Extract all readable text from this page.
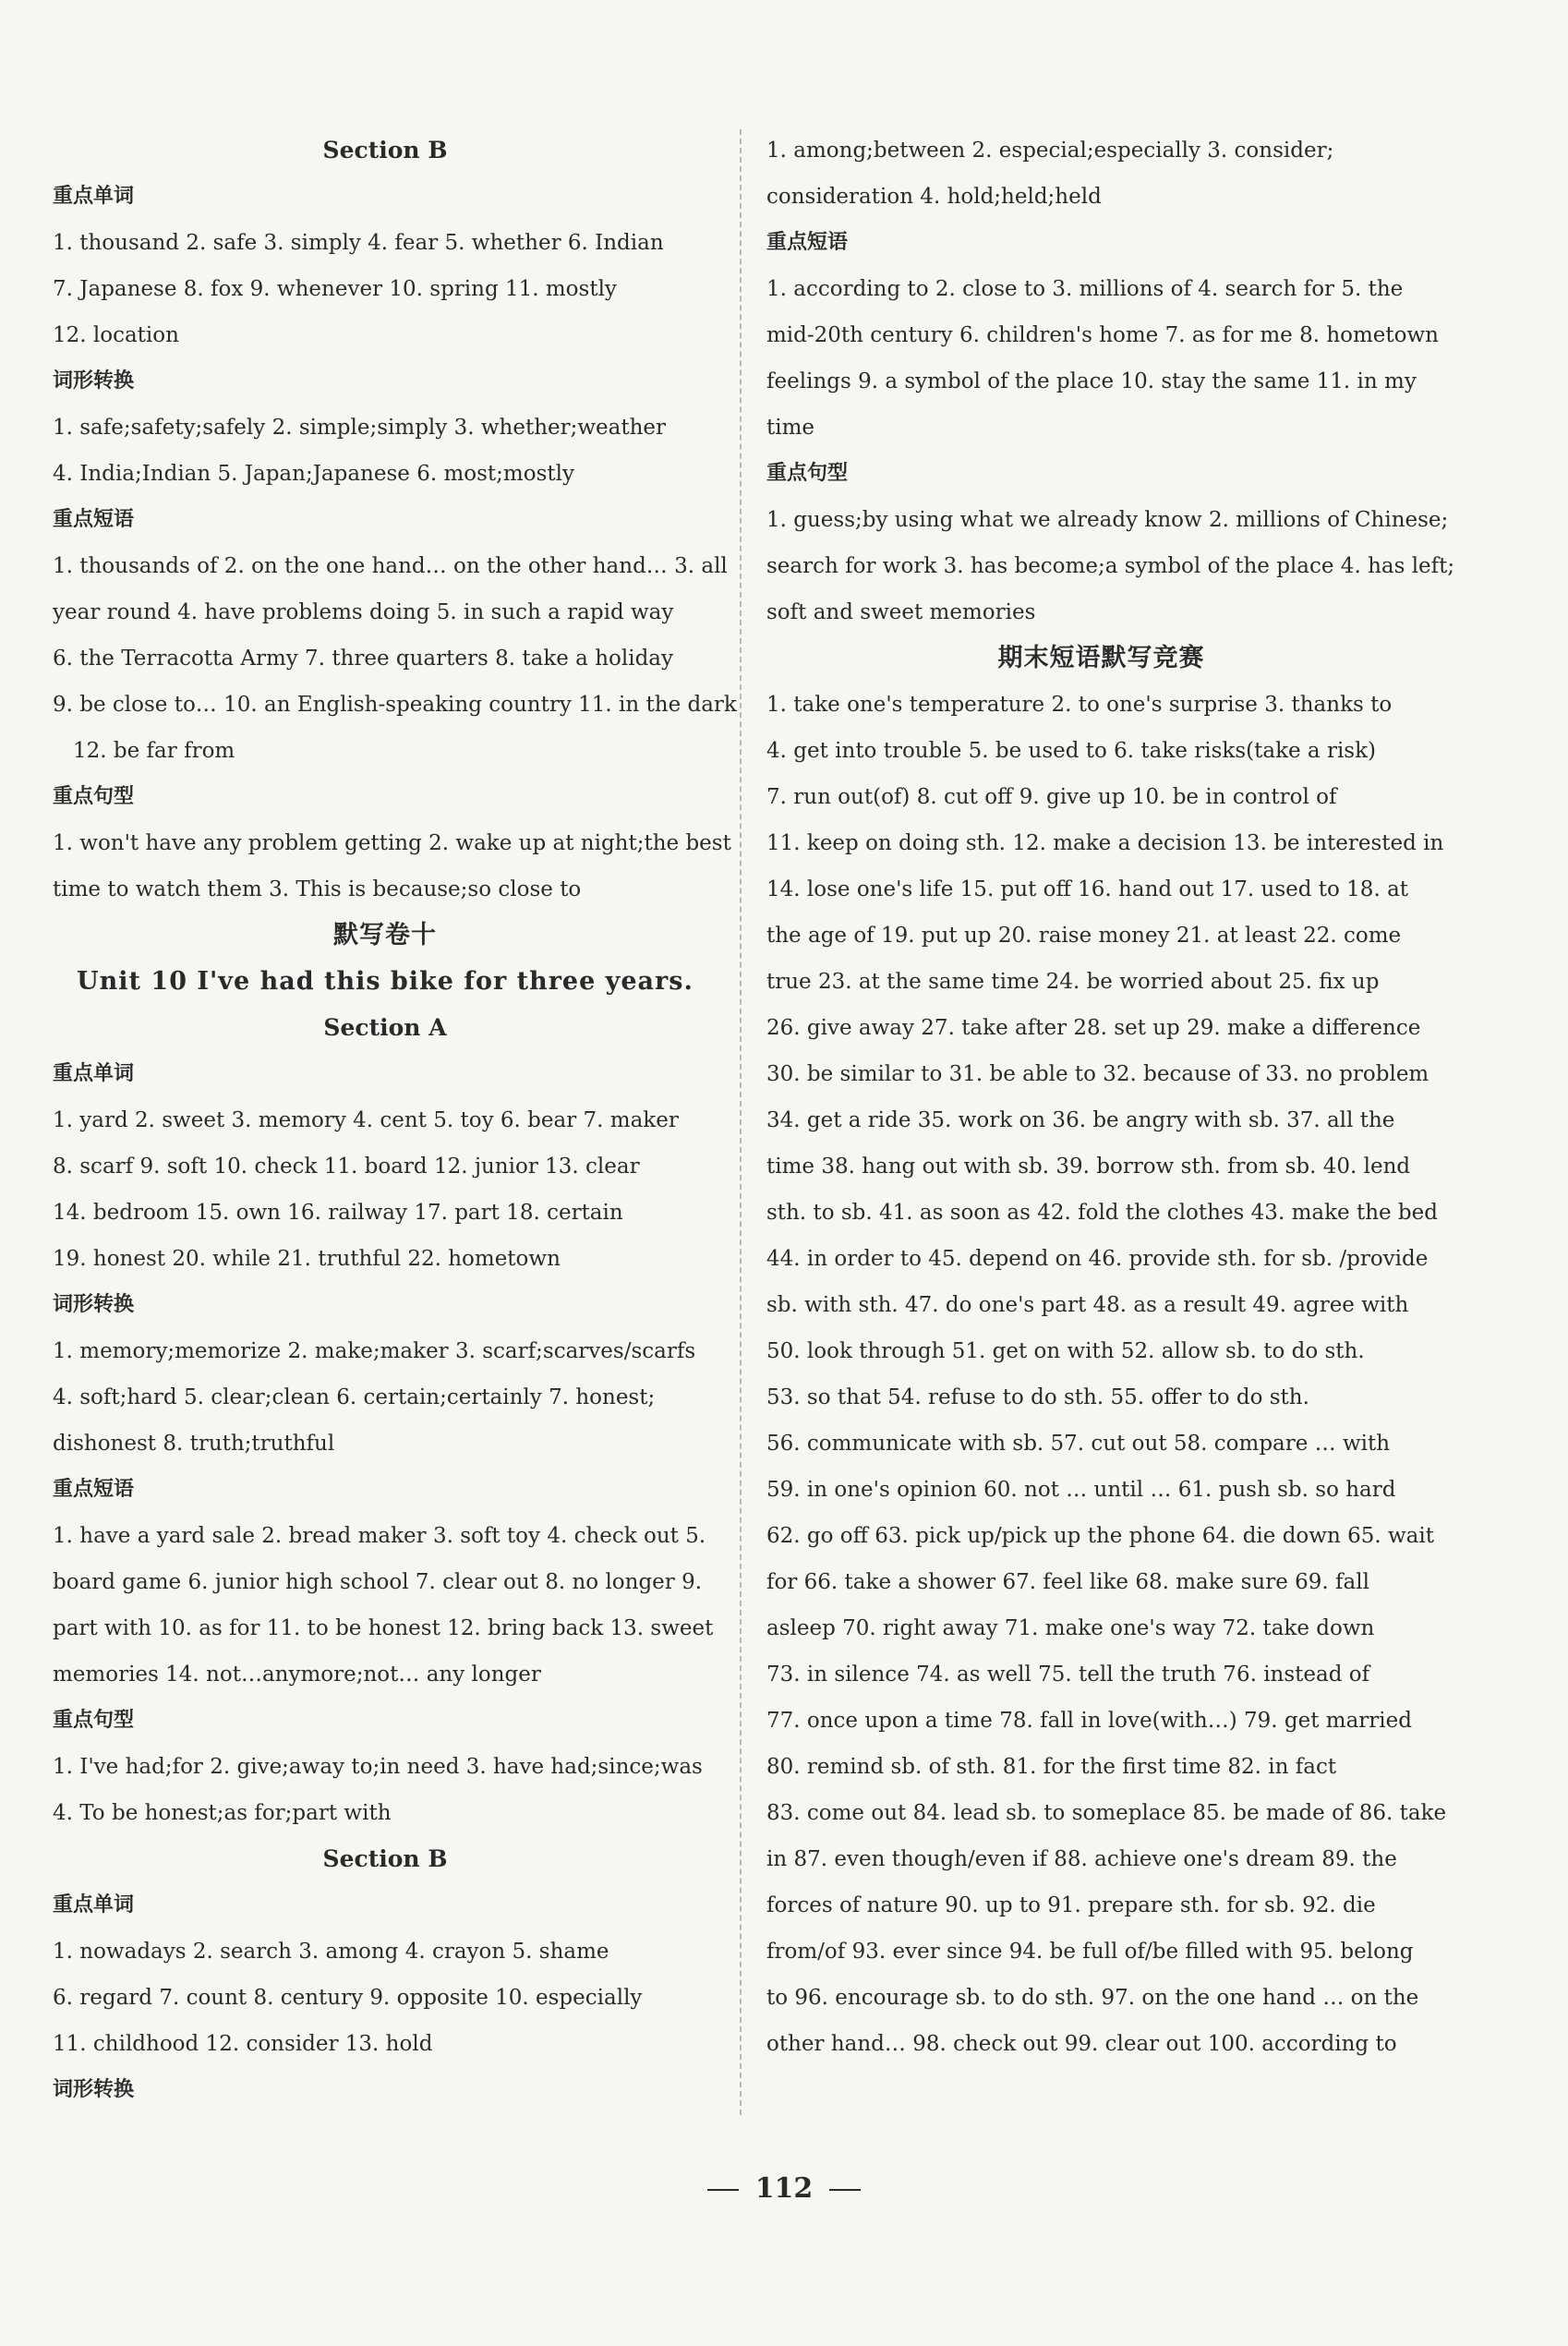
Section B
重点单词
1. thousand 2. safe 3. simply 4. fear 5. whether 6. Indian
7. Japanese 8. fox 9. whenever 10. spring 11. mostly
12. location
词形转换
1. safe;safety;safely 2. simple;simply 3. whether;weather
4. India;Indian 5. Japan;Japanese 6. most;mostly
重点短语
1. thousands of 2. on the one hand… on the other hand… 3. all
year round 4. have problems doing 5. in such a rapid way
6. the Terracotta Army 7. three quarters 8. take a holiday
9. be close to… 10. an English-speaking country 11. in the dark
12. be far from
重点句型
1. won't have any problem getting 2. wake up at night;the best
time to watch them 3. This is because;so close to
默写卷十
Unit 10 I've had this bike for three years.
Section A
重点单词
1. yard 2. sweet 3. memory 4. cent 5. toy 6. bear 7. maker
8. scarf 9. soft 10. check 11. board 12. junior 13. clear
14. bedroom 15. own 16. railway 17. part 18. certain
19. honest 20. while 21. truthful 22. hometown
词形转换
1. memory;memorize 2. make;maker 3. scarf;scarves/scarfs
4. soft;hard 5. clear;clean 6. certain;certainly 7. honest;
dishonest 8. truth;truthful
重点短语
1. have a yard sale 2. bread maker 3. soft toy 4. check out 5.
board game 6. junior high school 7. clear out 8. no longer 9.
part with 10. as for 11. to be honest 12. bring back 13. sweet
memories 14. not…anymore;not… any longer
重点句型
1. I've had;for 2. give;away to;in need 3. have had;since;was
4. To be honest;as for;part with
Section B
重点单词
1. nowadays 2. search 3. among 4. crayon 5. shame
6. regard 7. count 8. century 9. opposite 10. especially
11. childhood 12. consider 13. hold
词形转换
1. among;between 2. especial;especially 3. consider;
consideration 4. hold;held;held
重点短语
1. according to 2. close to 3. millions of 4. search for 5. the
mid-20th century 6. children's home 7. as for me 8. hometown
feelings 9. a symbol of the place 10. stay the same 11. in my
time
重点句型
1. guess;by using what we already know 2. millions of Chinese;
search for work 3. has become;a symbol of the place 4. has left;
soft and sweet memories
期末短语默写竞赛
1. take one's temperature 2. to one's surprise 3. thanks to
4. get into trouble 5. be used to 6. take risks(take a risk)
7. run out(of) 8. cut off 9. give up 10. be in control of
11. keep on doing sth. 12. make a decision 13. be interested in
14. lose one's life 15. put off 16. hand out 17. used to 18. at
the age of 19. put up 20. raise money 21. at least 22. come
true 23. at the same time 24. be worried about 25. fix up
26. give away 27. take after 28. set up 29. make a difference
30. be similar to 31. be able to 32. because of 33. no problem
34. get a ride 35. work on 36. be angry with sb. 37. all the
time 38. hang out with sb. 39. borrow sth. from sb. 40. lend
sth. to sb. 41. as soon as 42. fold the clothes 43. make the bed
44. in order to 45. depend on 46. provide sth. for sb. /provide
sb. with sth. 47. do one's part 48. as a result 49. agree with
50. look through 51. get on with 52. allow sb. to do sth.
53. so that 54. refuse to do sth. 55. offer to do sth.
56. communicate with sb. 57. cut out 58. compare … with
59. in one's opinion 60. not … until … 61. push sb. so hard
62. go off 63. pick up/pick up the phone 64. die down 65. wait
for 66. take a shower 67. feel like 68. make sure 69. fall
asleep 70. right away 71. make one's way 72. take down
73. in silence 74. as well 75. tell the truth 76. instead of
77. once upon a time 78. fall in love(with…) 79. get married
80. remind sb. of sth. 81. for the first time 82. in fact
83. come out 84. lead sb. to someplace 85. be made of 86. take
in 87. even though/even if 88. achieve one's dream 89. the
forces of nature 90. up to 91. prepare sth. for sb. 92. die
from/of 93. ever since 94. be full of/be filled with 95. belong
to 96. encourage sb. to do sth. 97. on the one hand … on the
other hand… 98. check out 99. clear out 100. according to
112
